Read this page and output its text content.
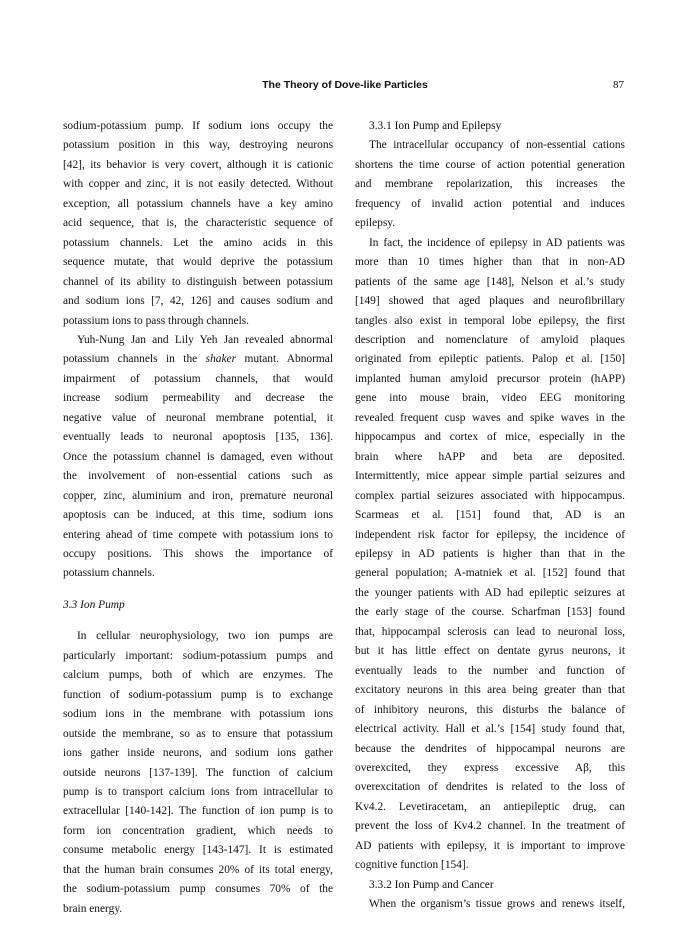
The Theory of Dove-like Particles	87
sodium-potassium pump. If sodium ions occupy the
potassium position in this way, destroying neurons
[42], its behavior is very covert, although it is cationic
with copper and zinc, it is not easily detected. Without
exception, all potassium channels have a key amino
acid sequence, that is, the characteristic sequence of
potassium channels. Let the amino acids in this
sequence mutate, that would deprive the potassium
channel of its ability to distinguish between potassium
and sodium ions [7, 42, 126] and causes sodium and
potassium ions to pass through channels.
Yuh-Nung Jan and Lily Yeh Jan revealed abnormal
potassium channels in the shaker mutant. Abnormal
impairment of potassium channels, that would
increase sodium permeability and decrease the
negative value of neuronal membrane potential, it
eventually leads to neuronal apoptosis [135, 136].
Once the potassium channel is damaged, even without
the involvement of non-essential cations such as
copper, zinc, aluminium and iron, premature neuronal
apoptosis can be induced, at this time, sodium ions
entering ahead of time compete with potassium ions to
occupy positions. This shows the importance of
potassium channels.
3.3 Ion Pump
In cellular neurophysiology, two ion pumps are
particularly important: sodium-potassium pumps and
calcium pumps, both of which are enzymes. The
function of sodium-potassium pump is to exchange
sodium ions in the membrane with potassium ions
outside the membrane, so as to ensure that potassium
ions gather inside neurons, and sodium ions gather
outside neurons [137-139]. The function of calcium
pump is to transport calcium ions from intracellular to
extracellular [140-142]. The function of ion pump is to
form ion concentration gradient, which needs to
consume metabolic energy [143-147]. It is estimated
that the human brain consumes 20% of its total energy,
the sodium-potassium pump consumes 70% of the
brain energy.
3.3.1 Ion Pump and Epilepsy
The intracellular occupancy of non-essential cations
shortens the time course of action potential generation
and membrane repolarization, this increases the
frequency of invalid action potential and induces
epilepsy.
In fact, the incidence of epilepsy in AD patients was
more than 10 times higher than that in non-AD
patients of the same age [148], Nelson et al.’s study
[149] showed that aged plaques and neurofibrillary
tangles also exist in temporal lobe epilepsy, the first
description and nomenclature of amyloid plaques
originated from epileptic patients. Palop et al. [150]
implanted human amyloid precursor protein (hAPP)
gene into mouse brain, video EEG monitoring
revealed frequent cusp waves and spike waves in the
hippocampus and cortex of mice, especially in the
brain where hAPP and beta are deposited.
Intermittently, mice appear simple partial seizures and
complex partial seizures associated with hippocampus.
Scarmeas et al. [151] found that, AD is an
independent risk factor for epilepsy, the incidence of
epilepsy in AD patients is higher than that in the
general population; A-matniek et al. [152] found that
the younger patients with AD had epileptic seizures at
the early stage of the course. Scharfman [153] found
that, hippocampal sclerosis can lead to neuronal loss,
but it has little effect on dentate gyrus neurons, it
eventually leads to the number and function of
excitatory neurons in this area being greater than that
of inhibitory neurons, this disturbs the balance of
electrical activity. Hall et al.’s [154] study found that,
because the dendrites of hippocampal neurons are
overexcited, they express excessive Aβ, this
overexcitation of dendrites is related to the loss of
Kv4.2. Levetiracetam, an antiepileptic drug, can
prevent the loss of Kv4.2 channel. In the treatment of
AD patients with epilepsy, it is important to improve
cognitive function [154].
3.3.2 Ion Pump and Cancer
When the organism’s tissue grows and renews itself,
